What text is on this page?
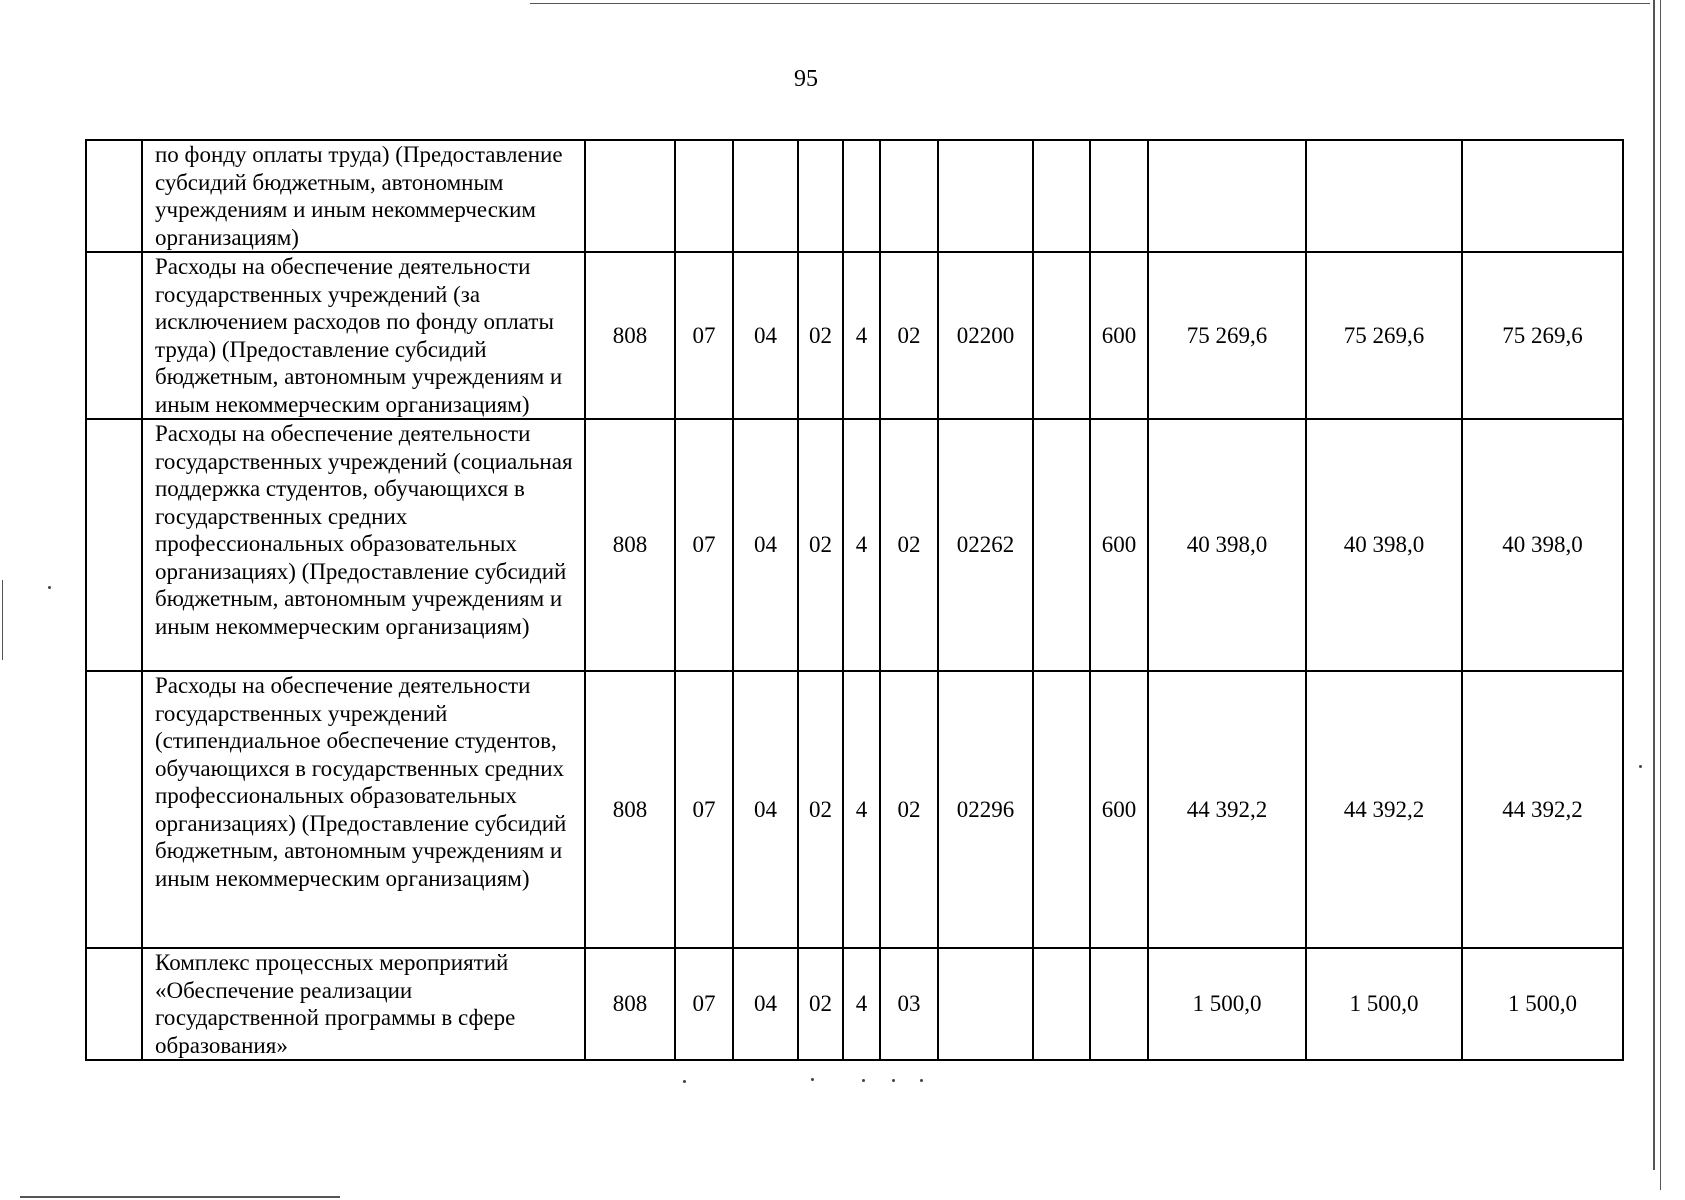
95
	по фонду оплаты труда) (Предоставление субсидий бюджетным, автономным учреждениям и иным некоммерческим организациям)												
	Расходы на обеспечение деятельности государственных учреждений (за исключением расходов по фонду оплаты труда) (Предоставление субсидий бюджетным, автономным учреждениям и иным некоммерческим организациям)	808	07	04	02	4	02	02200		600	75 269,6	75 269,6	75 269,6
	Расходы на обеспечение деятельности государственных учреждений (социальная поддержка студентов, обучающихся в государственных средних профессиональных образовательных организациях) (Предоставление субсидий бюджетным, автономным учреждениям и иным некоммерческим организациям)	808	07	04	02	4	02	02262		600	40 398,0	40 398,0	40 398,0
	Расходы на обеспечение деятельности государственных учреждений (стипендиальное обеспечение студентов, обучающихся в государственных средних профессиональных образовательных организациях) (Предоставление субсидий бюджетным, автономным учреждениям и иным некоммерческим организациям)	808	07	04	02	4	02	02296		600	44 392,2	44 392,2	44 392,2
	Комплекс процессных мероприятий «Обеспечение реализации государственной программы в сфере образования»	808	07	04	02	4	03				1 500,0	1 500,0	1 500,0
